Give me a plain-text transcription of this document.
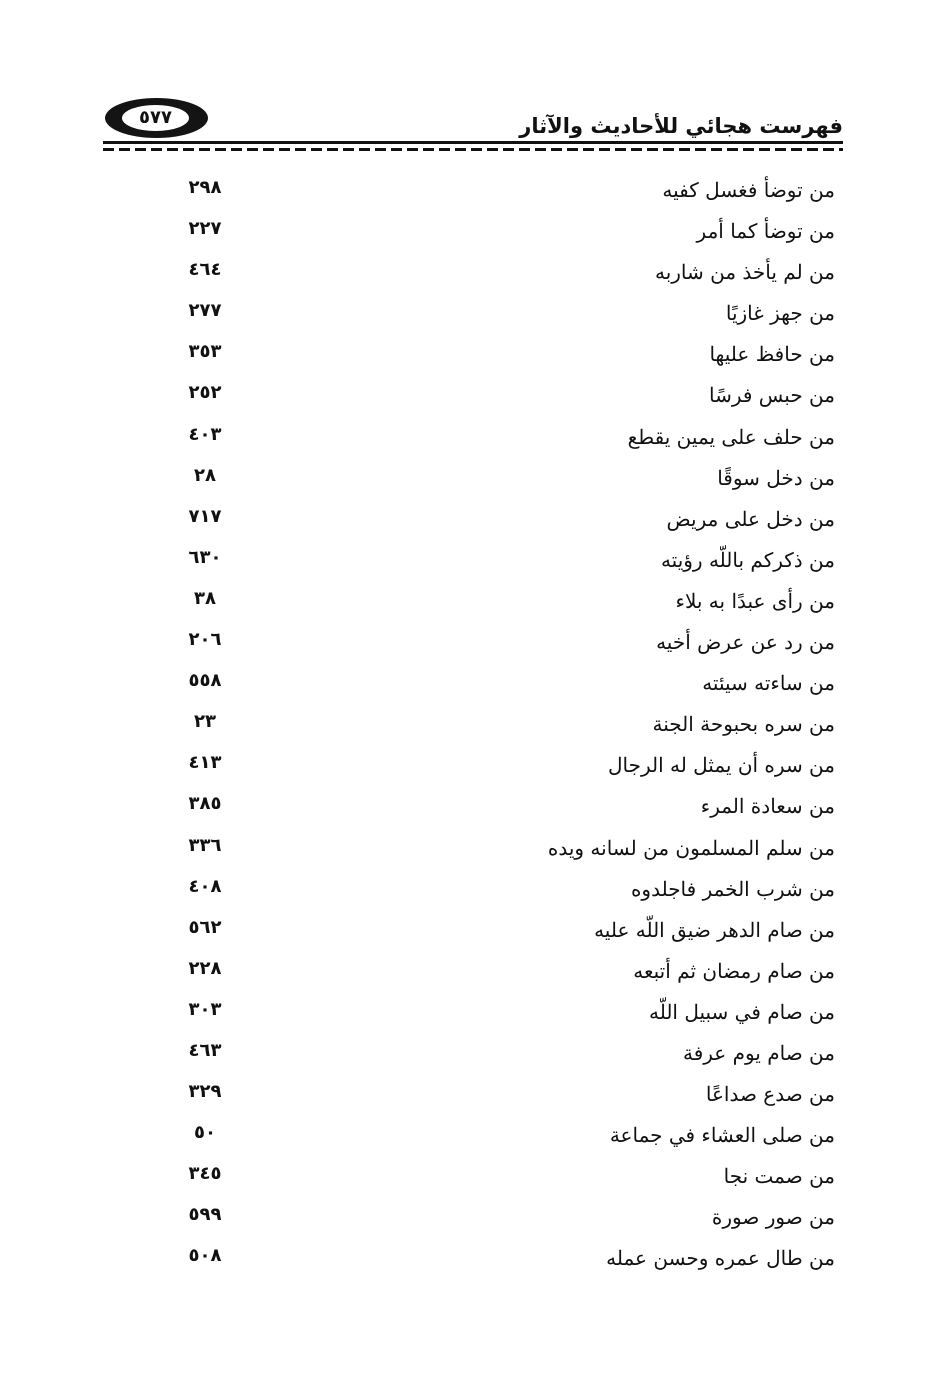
٥٧٧	فهرست هجائي للأحاديث والآثار
من توضأ فغسل كفيه
٢٩٨
من توضأ كما أمر
٢٢٧
من لم يأخذ من شاربه
٤٦٤
من جهز غازيًا
٢٧٧
من حافظ عليها
٣٥٣
من حبس فرسًا
٢٥٢
من حلف على يمين يقطع
٤٠٣
من دخل سوقًا
٢٨
من دخل على مريض
٧١٧
من ذكركم باللّه رؤيته
٦٣٠
من رأى عبدًا به بلاء
٣٨
من رد عن عرض أخيه
٢٠٦
من ساءته سيئته
٥٥٨
من سره بحبوحة الجنة
٢٣
من سره أن يمثل له الرجال
٤١٣
من سعادة المرء
٣٨٥
من سلم المسلمون من لسانه ويده
٣٣٦
من شرب الخمر فاجلدوه
٤٠٨
من صام الدهر ضيق اللّه عليه
٥٦٢
من صام رمضان ثم أتبعه
٢٢٨
من صام في سبيل اللّه
٣٠٣
من صام يوم عرفة
٤٦٣
من صدع صداعًا
٣٢٩
من صلى العشاء في جماعة
٥٠
من صمت نجا
٣٤٥
من صور صورة
٥٩٩
من طال عمره وحسن عمله
٥٠٨
